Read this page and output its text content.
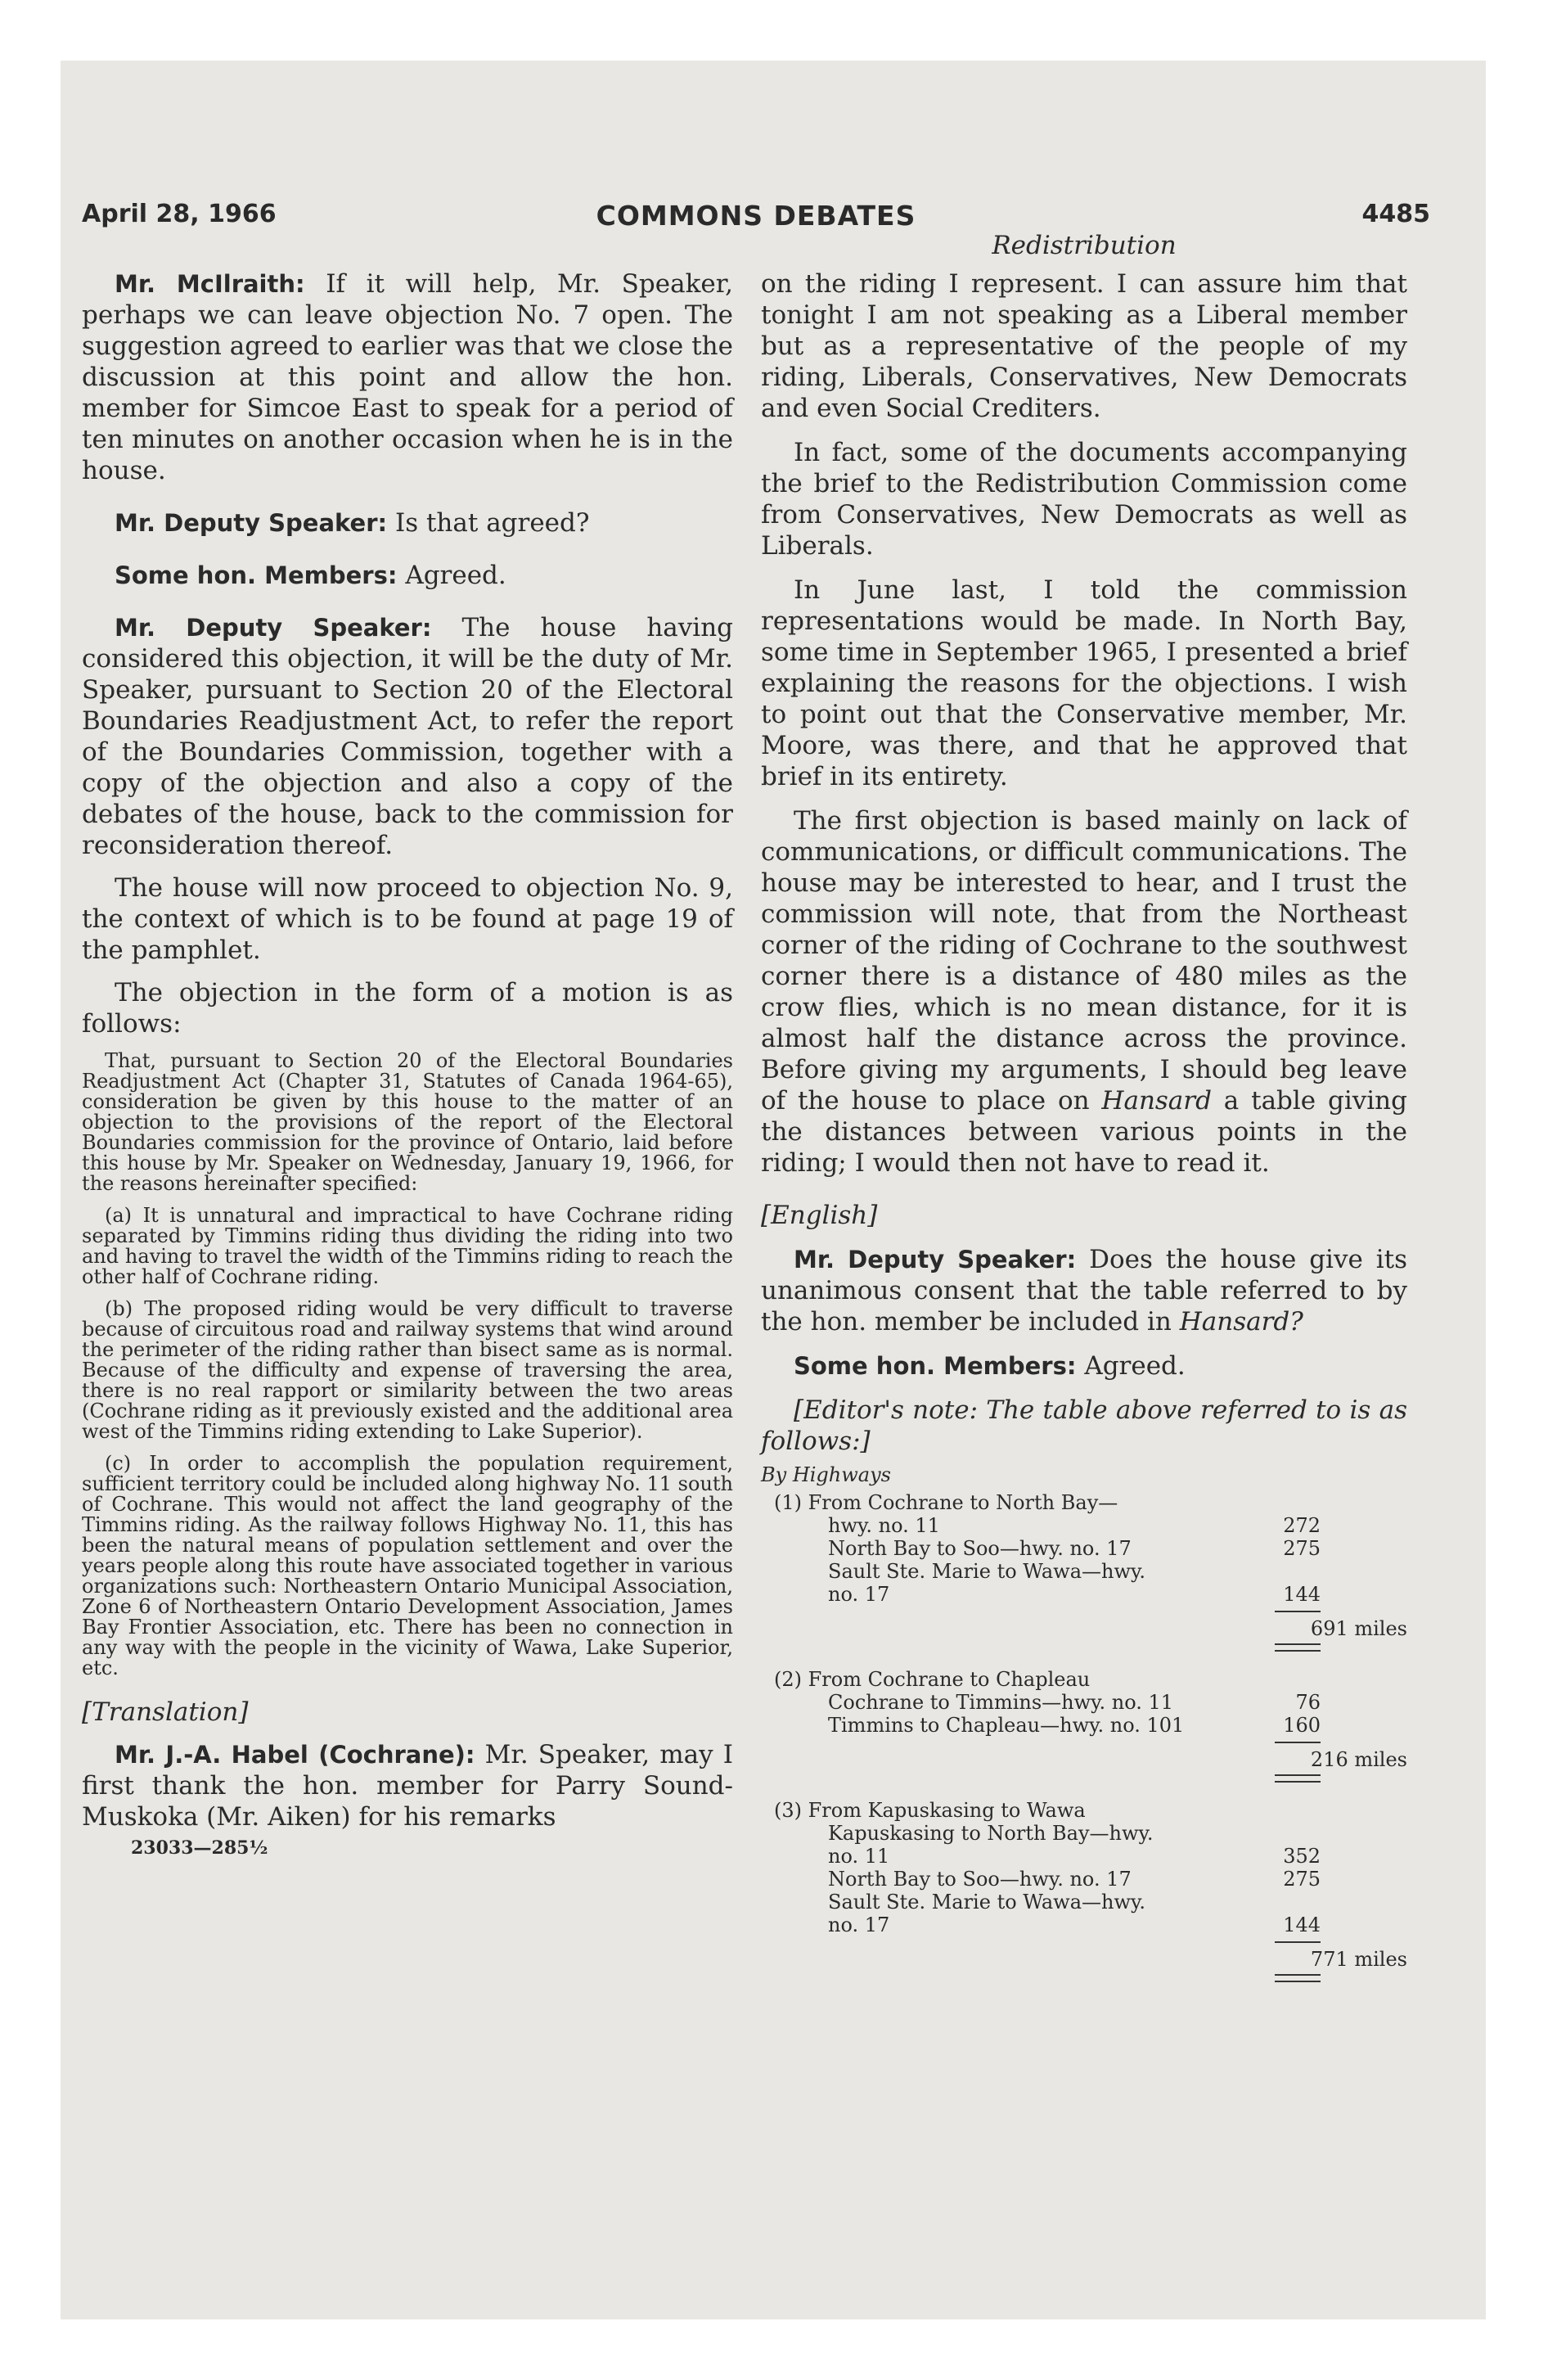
April 28, 1966	COMMONS DEBATES	4485
Redistribution

Mr. McIlraith: If it will help, Mr. Speaker, perhaps we can leave objection No. 7 open. The suggestion agreed to earlier was that we close the discussion at this point and allow the hon. member for Simcoe East to speak for a period of ten minutes on another occasion when he is in the house.

Mr. Deputy Speaker: Is that agreed?

Some hon. Members: Agreed.

Mr. Deputy Speaker: The house having considered this objection, it will be the duty of Mr. Speaker, pursuant to Section 20 of the Electoral Boundaries Readjustment Act, to refer the report of the Boundaries Commission, together with a copy of the objection and also a copy of the debates of the house, back to the commission for reconsideration thereof.

The house will now proceed to objection No. 9, the context of which is to be found at page 19 of the pamphlet.

The objection in the form of a motion is as follows:

That, pursuant to Section 20 of the Electoral Boundaries Readjustment Act (Chapter 31, Statutes of Canada 1964-65), consideration be given by this house to the matter of an objection to the provisions of the report of the Electoral Boundaries commission for the province of Ontario, laid before this house by Mr. Speaker on Wednesday, January 19, 1966, for the reasons hereinafter specified:

(a) It is unnatural and impractical to have Cochrane riding separated by Timmins riding thus dividing the riding into two and having to travel the width of the Timmins riding to reach the other half of Cochrane riding.

(b) The proposed riding would be very difficult to traverse because of circuitous road and railway systems that wind around the perimeter of the riding rather than bisect same as is normal. Because of the difficulty and expense of traversing the area, there is no real rapport or similarity between the two areas (Cochrane riding as it previously existed and the additional area west of the Timmins riding extending to Lake Superior).

(c) In order to accomplish the population requirement, sufficient territory could be included along highway No. 11 south of Cochrane. This would not affect the land geography of the Timmins riding. As the railway follows Highway No. 11, this has been the natural means of population settlement and over the years people along this route have associated together in various organizations such: Northeastern Ontario Municipal Association, Zone 6 of Northeastern Ontario Development Association, James Bay Frontier Association, etc. There has been no connection in any way with the people in the vicinity of Wawa, Lake Superior, etc.

[Translation]

Mr. J.-A. Habel (Cochrane): Mr. Speaker, may I first thank the hon. member for Parry Sound-Muskoka (Mr. Aiken) for his remarks

23033—285½

on the riding I represent. I can assure him that tonight I am not speaking as a Liberal member but as a representative of the people of my riding, Liberals, Conservatives, New Democrats and even Social Crediters.

In fact, some of the documents accompanying the brief to the Redistribution Commission come from Conservatives, New Democrats as well as Liberals.

In June last, I told the commission representations would be made. In North Bay, some time in September 1965, I presented a brief explaining the reasons for the objections. I wish to point out that the Conservative member, Mr. Moore, was there, and that he approved that brief in its entirety.

The first objection is based mainly on lack of communications, or difficult communications. The house may be interested to hear, and I trust the commission will note, that from the Northeast corner of the riding of Cochrane to the southwest corner there is a distance of 480 miles as the crow flies, which is no mean distance, for it is almost half the distance across the province. Before giving my arguments, I should beg leave of the house to place on Hansard a table giving the distances between various points in the riding; I would then not have to read it.

[English]

Mr. Deputy Speaker: Does the house give its unanimous consent that the table referred to by the hon. member be included in Hansard?

Some hon. Members: Agreed.

[Editor's note: The table above referred to is as follows:]

By Highways
(1) From Cochrane to North Bay—
hwy. no. 11	272
North Bay to Soo—hwy. no. 17	275
Sault Ste. Marie to Wawa—hwy.
no. 17	144
691 miles
(2) From Cochrane to Chapleau
Cochrane to Timmins—hwy. no. 11	76
Timmins to Chapleau—hwy. no. 101	160
216 miles
(3) From Kapuskasing to Wawa
Kapuskasing to North Bay—hwy.
no. 11	352
North Bay to Soo—hwy. no. 17	275
Sault Ste. Marie to Wawa—hwy.
no. 17	144
771 miles
